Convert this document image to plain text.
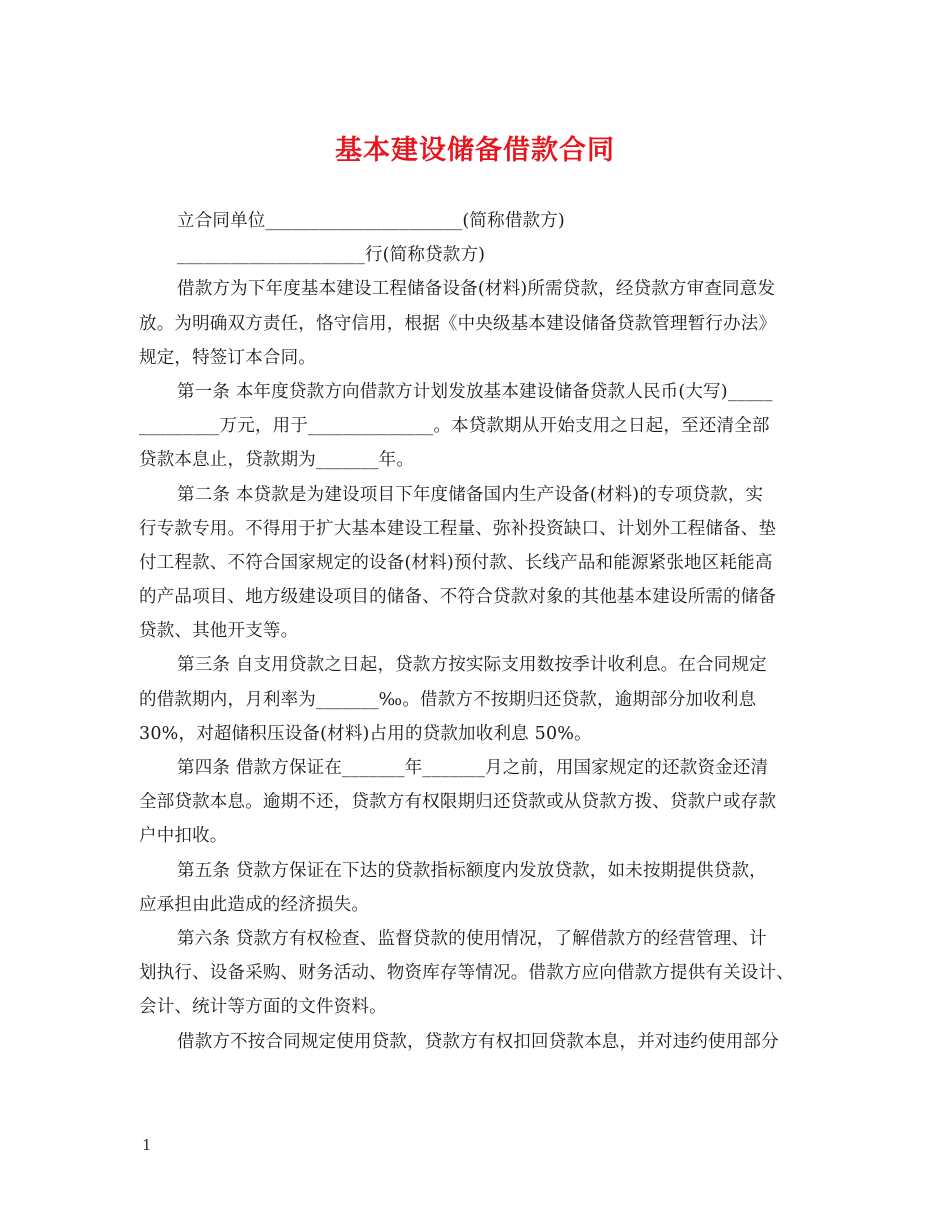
基本建设储备借款合同
立合同单位______________________(简称借款方)
_____________________行(简称贷款方)
借款方为下年度基本建设工程储备设备(材料)所需贷款，经贷款方审查同意发
放。为明确双方责任，恪守信用，根据《中央级基本建设储备贷款管理暂行办法》
规定，特签订本合同。
第一条 本年度贷款方向借款方计划发放基本建设储备贷款人民币(大写)_____
_________万元，用于______________。本贷款期从开始支用之日起，至还清全部
贷款本息止，贷款期为_______年。
第二条 本贷款是为建设项目下年度储备国内生产设备(材料)的专项贷款，实
行专款专用。不得用于扩大基本建设工程量、弥补投资缺口、计划外工程储备、垫
付工程款、不符合国家规定的设备(材料)预付款、长线产品和能源紧张地区耗能高
的产品项目、地方级建设项目的储备、不符合贷款对象的其他基本建设所需的储备
贷款、其他开支等。
第三条 自支用贷款之日起，贷款方按实际支用数按季计收利息。在合同规定
的借款期内，月利率为_______‰。借款方不按期归还贷款，逾期部分加收利息
30%，对超储积压设备(材料)占用的贷款加收利息 50%。
第四条 借款方保证在_______年_______月之前，用国家规定的还款资金还清
全部贷款本息。逾期不还，贷款方有权限期归还贷款或从贷款方拨、贷款户或存款
户中扣收。
第五条 贷款方保证在下达的贷款指标额度内发放贷款，如未按期提供贷款，
应承担由此造成的经济损失。
第六条 贷款方有权检查、监督贷款的使用情况，了解借款方的经营管理、计
划执行、设备采购、财务活动、物资库存等情况。借款方应向借款方提供有关设计、
会计、统计等方面的文件资料。
借款方不按合同规定使用贷款，贷款方有权扣回贷款本息，并对违约使用部分
1
